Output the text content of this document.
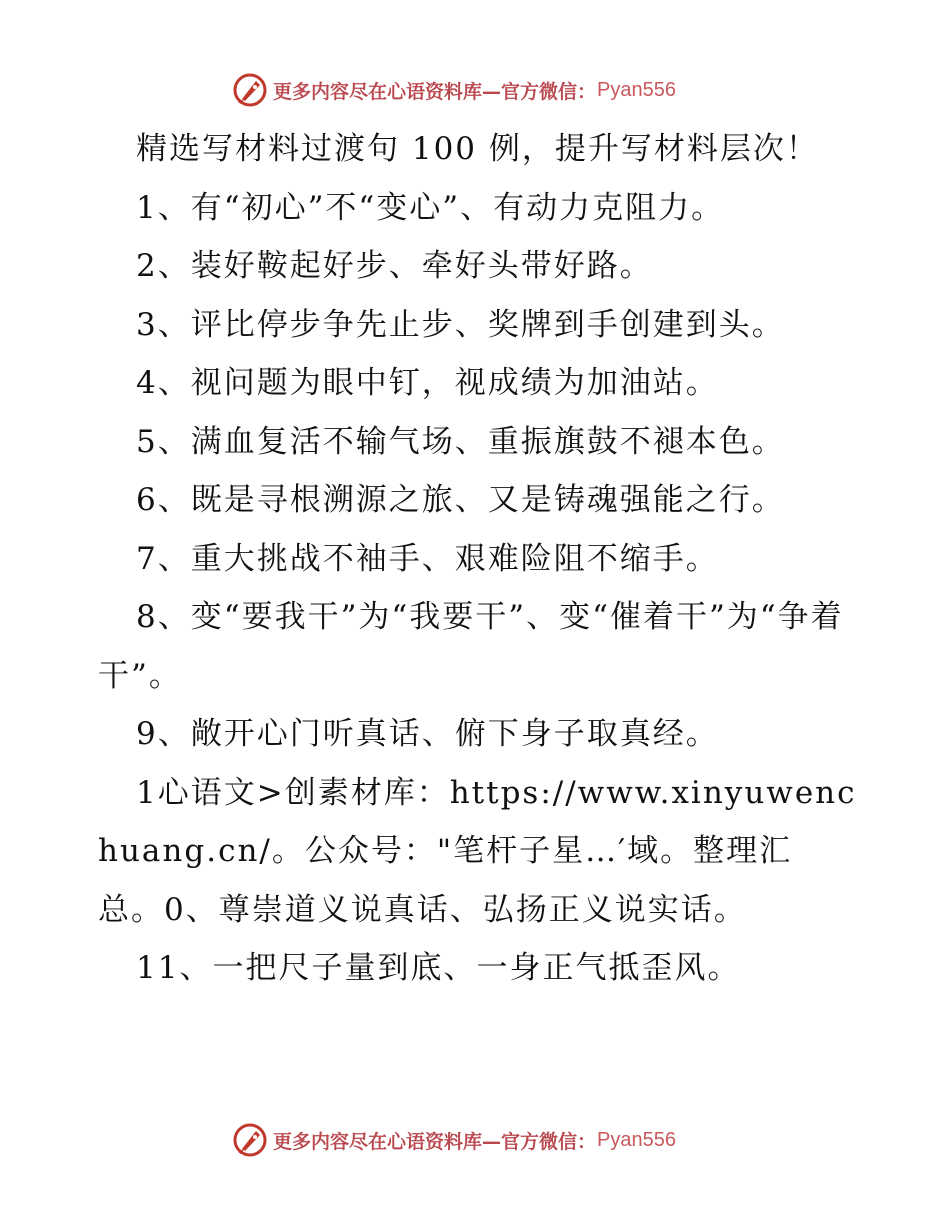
更多内容尽在心语资料库—官方微信： Pyan556

精选写材料过渡句 100 例，提升写材料层次！

1、有“初心”不“变心”、有动力克阻力。

2、装好鞍起好步、牵好头带好路。

3、评比停步争先止步、奖牌到手创建到头。

4、视问题为眼中钉，视成绩为加油站。

5、满血复活不输气场、重振旗鼓不褪本色。

6、既是寻根溯源之旅、又是铸魂强能之行。

7、重大挑战不袖手、艰难险阻不缩手。

8、变“要我干”为“我要干”、变“催着干”为“争着干”。

9、敞开心门听真话、俯下身子取真经。

1心语文>创素材库：https://www.xinyuwenchuang.cn/。公众号："笔杆子星…′域。整理汇总。0、尊崇道义说真话、弘扬正义说实话。

11、一把尺子量到底、一身正气抵歪风。

更多内容尽在心语资料库—官方微信： Pyan556
